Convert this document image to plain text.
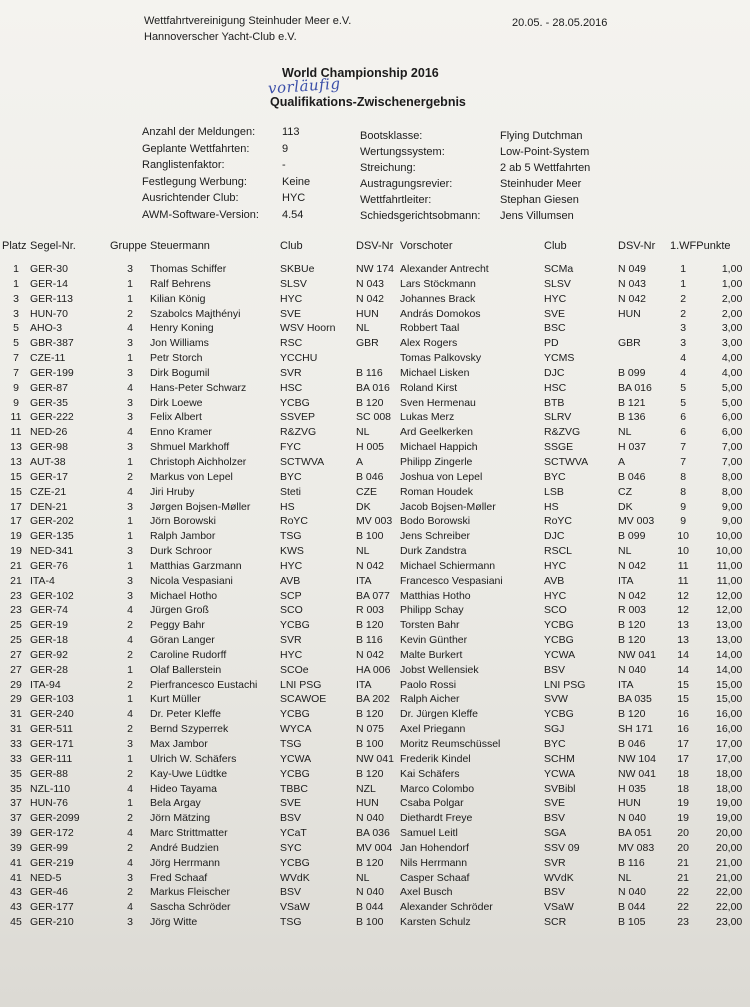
Wettfahrtvereinigung Steinhuder Meer e.V.
Hannoverscher Yacht-Club e.V.
20.05. - 28.05.2016
World Championship 2016
vorläufig
Qualifikations-Zwischenergebnis
Anzahl der Meldungen: 113
Geplante Wettfahrten:	9
Ranglistenfaktor:	-
Festlegung Werbung:	Keine
Ausrichtender Club:	HYC
AWM-Software-Version: 4.54
Bootsklasse:	Flying Dutchman
Wertungssystem:	Low-Point-System
Streichung:	2 ab 5 Wettfahrten
Austragungsrevier:	Steinhuder Meer
Wettfahrtleiter:	Stephan Giesen
Schiedsgerichtsobmann: Jens Villumsen
Platz	Segel-Nr.	Gruppe	Steuermann	Club	DSV-Nr	Vorschoter	Club	DSV-Nr	1.WF	Punkte
1	GER-30	3	Thomas Schiffer	SKBUe	NW 174	Alexander Antrecht	SCMa	N 049	1	1,00
1	GER-14	1	Ralf Behrens	SLSV	N 043	Lars Stöckmann	SLSV	N 043	1	1,00
3	GER-113	1	Kilian König	HYC	N 042	Johannes Brack	HYC	N 042	2	2,00
3	HUN-70	2	Szabolcs Majthényi	SVE	HUN	András Domokos	SVE	HUN	2	2,00
5	AHO-3	4	Henry Koning	WSV Hoorn	NL	Robbert Taal	BSC		3	3,00
5	GBR-387	3	Jon Williams	RSC	GBR	Alex Rogers	PD	GBR	3	3,00
7	CZE-11	1	Petr Storch	YCCHU		Tomas Palkovsky	YCMS		4	4,00
7	GER-199	3	Dirk Bogumil	SVR	B 116	Michael Lisken	DJC	B 099	4	4,00
9	GER-87	4	Hans-Peter Schwarz	HSC	BA 016	Roland Kirst	HSC	BA 016	5	5,00
9	GER-35	3	Dirk Loewe	YCBG	B 120	Sven Hermenau	BTB	B 121	5	5,00
11	GER-222	3	Felix Albert	SSVEP	SC 008	Lukas Merz	SLRV	B 136	6	6,00
11	NED-26	4	Enno Kramer	R&ZVG	NL	Ard Geelkerken	R&ZVG	NL	6	6,00
13	GER-98	3	Shmuel Markhoff	FYC	H 005	Michael Happich	SSGE	H 037	7	7,00
13	AUT-38	1	Christoph Aichholzer	SCTWVA	A	Philipp Zingerle	SCTWVA	A	7	7,00
15	GER-17	2	Markus von Lepel	BYC	B 046	Joshua von Lepel	BYC	B 046	8	8,00
15	CZE-21	4	Jiri Hruby	Steti	CZE	Roman Houdek	LSB	CZ	8	8,00
17	DEN-21	3	Jørgen Bojsen-Møller	HS	DK	Jacob Bojsen-Møller	HS	DK	9	9,00
17	GER-202	1	Jörn Borowski	RoYC	MV 003	Bodo Borowski	RoYC	MV 003	9	9,00
19	GER-135	1	Ralph Jambor	TSG	B 100	Jens Schreiber	DJC	B 099	10	10,00
19	NED-341	3	Durk Schroor	KWS	NL	Durk Zandstra	RSCL	NL	10	10,00
21	GER-76	1	Matthias Garzmann	HYC	N 042	Michael Schiermann	HYC	N 042	11	11,00
21	ITA-4	3	Nicola Vespasiani	AVB	ITA	Francesco Vespasiani	AVB	ITA	11	11,00
23	GER-102	3	Michael Hotho	SCP	BA 077	Matthias Hotho	HYC	N 042	12	12,00
23	GER-74	4	Jürgen Groß	SCO	R 003	Philipp Schay	SCO	R 003	12	12,00
25	GER-19	2	Peggy Bahr	YCBG	B 120	Torsten Bahr	YCBG	B 120	13	13,00
25	GER-18	4	Göran Langer	SVR	B 116	Kevin Günther	YCBG	B 120	13	13,00
27	GER-92	2	Caroline Rudorff	HYC	N 042	Malte Burkert	YCWA	NW 041	14	14,00
27	GER-28	1	Olaf Ballerstein	SCOe	HA 006	Jobst Wellensiek	BSV	N 040	14	14,00
29	ITA-94	2	Pierfrancesco Eustachi	LNI PSG	ITA	Paolo Rossi	LNI PSG	ITA	15	15,00
29	GER-103	1	Kurt Müller	SCAWOE	BA 202	Ralph Aicher	SVW	BA 035	15	15,00
31	GER-240	4	Dr. Peter Kleffe	YCBG	B 120	Dr. Jürgen Kleffe	YCBG	B 120	16	16,00
31	GER-511	2	Bernd Szyperrek	WYCA	N 075	Axel Priegann	SGJ	SH 171	16	16,00
33	GER-171	3	Max Jambor	TSG	B 100	Moritz Reumschüssel	BYC	B 046	17	17,00
33	GER-111	1	Ulrich W. Schäfers	YCWA	NW 041	Frederik Kindel	SCHM	NW 104	17	17,00
35	GER-88	2	Kay-Uwe Lüdtke	YCBG	B 120	Kai Schäfers	YCWA	NW 041	18	18,00
35	NZL-110	4	Hideo Tayama	TBBC	NZL	Marco Colombo	SVBibl	H 035	18	18,00
37	HUN-76	1	Bela Argay	SVE	HUN	Csaba Polgar	SVE	HUN	19	19,00
37	GER-2099	2	Jörn Mätzing	BSV	N 040	Diethardt Freye	BSV	N 040	19	19,00
39	GER-172	4	Marc Strittmatter	YCaT	BA 036	Samuel Leitl	SGA	BA 051	20	20,00
39	GER-99	2	André Budzien	SYC	MV 004	Jan Hohendorf	SSV 09	MV 083	20	20,00
41	GER-219	4	Jörg Herrmann	YCBG	B 120	Nils Herrmann	SVR	B 116	21	21,00
41	NED-5	3	Fred Schaaf	WVdK	NL	Casper Schaaf	WVdK	NL	21	21,00
43	GER-46	2	Markus Fleischer	BSV	N 040	Axel Busch	BSV	N 040	22	22,00
43	GER-177	4	Sascha Schröder	VSaW	B 044	Alexander Schröder	VSaW	B 044	22	22,00
45	GER-210	3	Jörg Witte	TSG	B 100	Karsten Schulz	SCR	B 105	23	23,00
